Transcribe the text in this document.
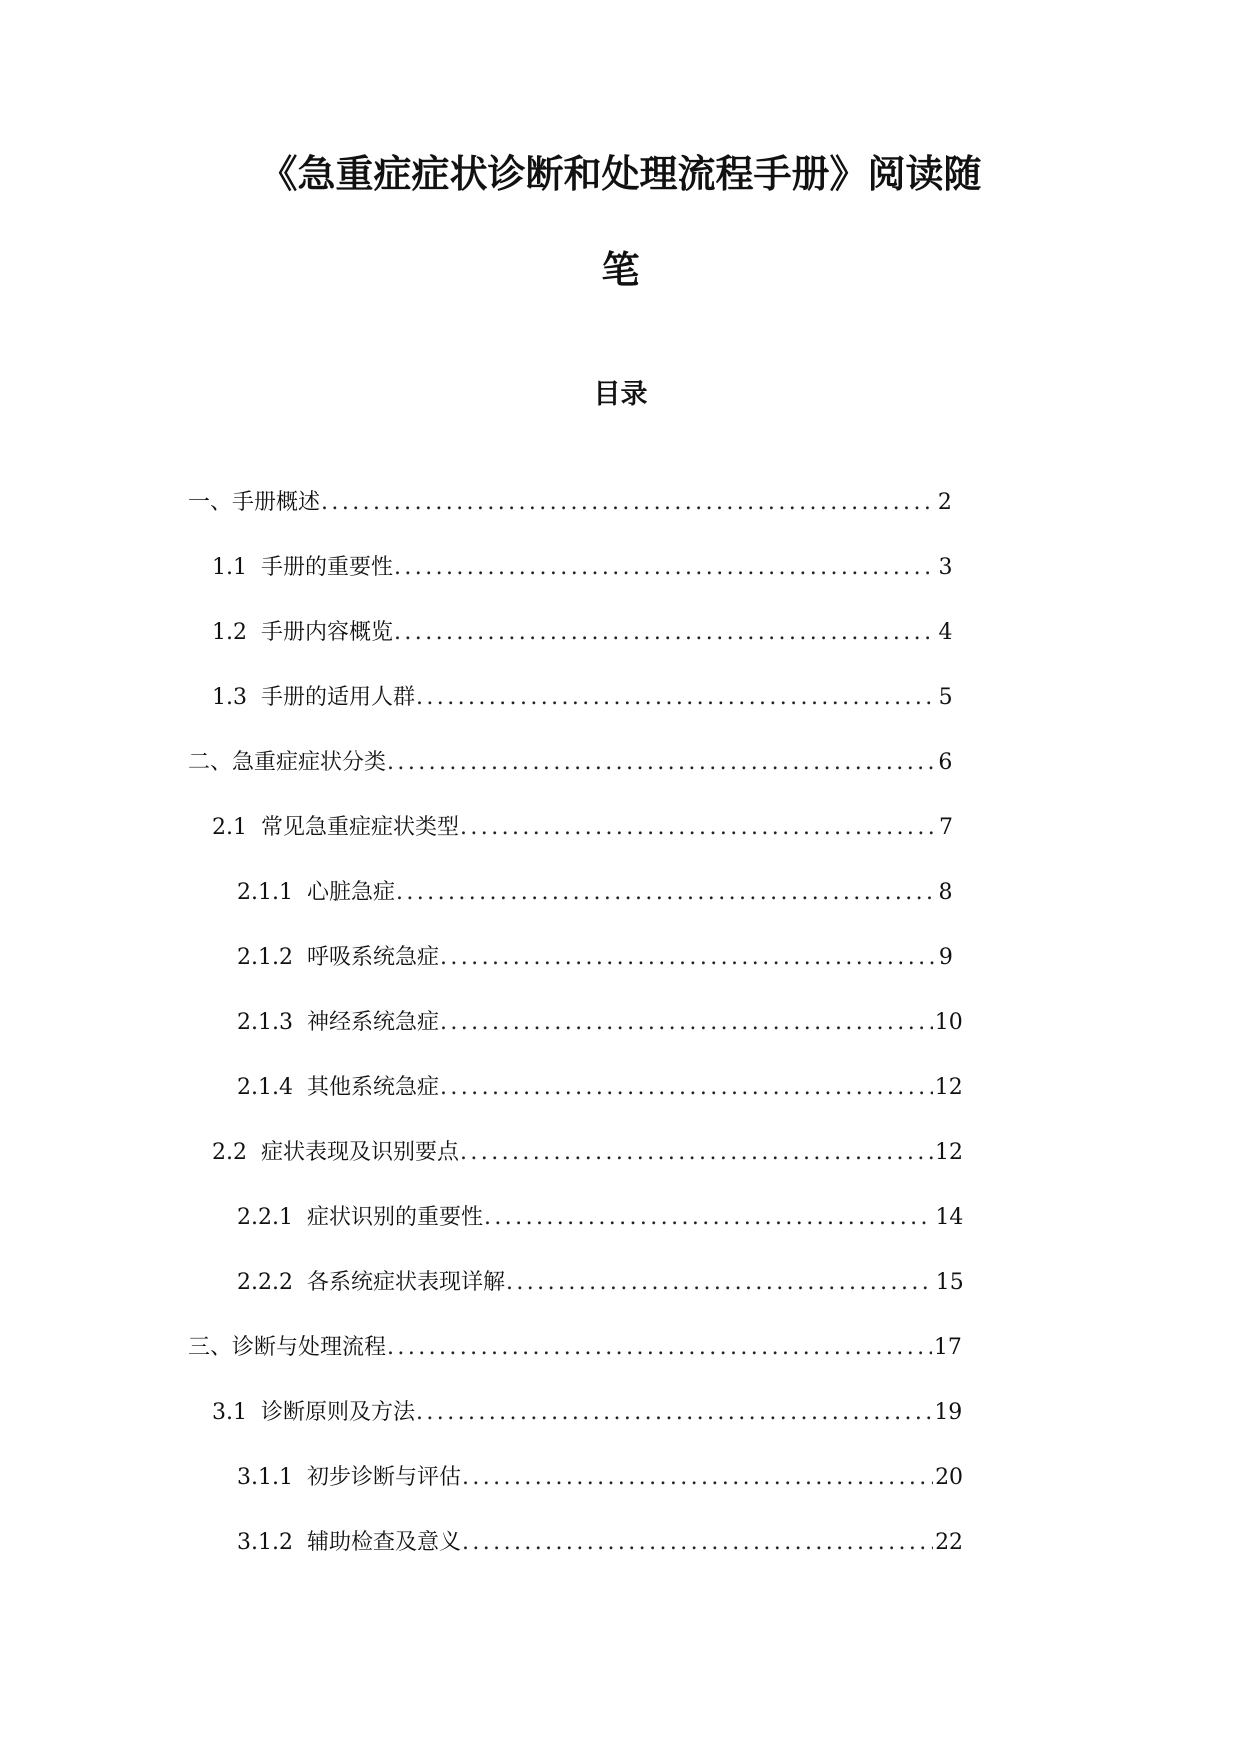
《急重症症状诊断和处理流程手册》阅读随
笔
目录
一、 手册概述 .....	2
1.1 手册的重要性 .....	3
1.2 手册内容概览 .....	4
1.3 手册的适用人群 .....	5
二、 急重症症状分类 .....	6
2.1 常见急重症症状类型 .....	7
2.1.1 心脏急症 .....	8
2.1.2 呼吸系统急症 .....	9
2.1.3 神经系统急症 .....	10
2.1.4 其他系统急症 .....	12
2.2 症状表现及识别要点 .....	12
2.2.1 症状识别的重要性 .....	14
2.2.2 各系统症状表现详解 .....	15
三、 诊断与处理流程 .....	17
3.1 诊断原则及方法 .....	19
3.1.1 初步诊断与评估 .....	20
3.1.2 辅助检查及意义 .....	22
